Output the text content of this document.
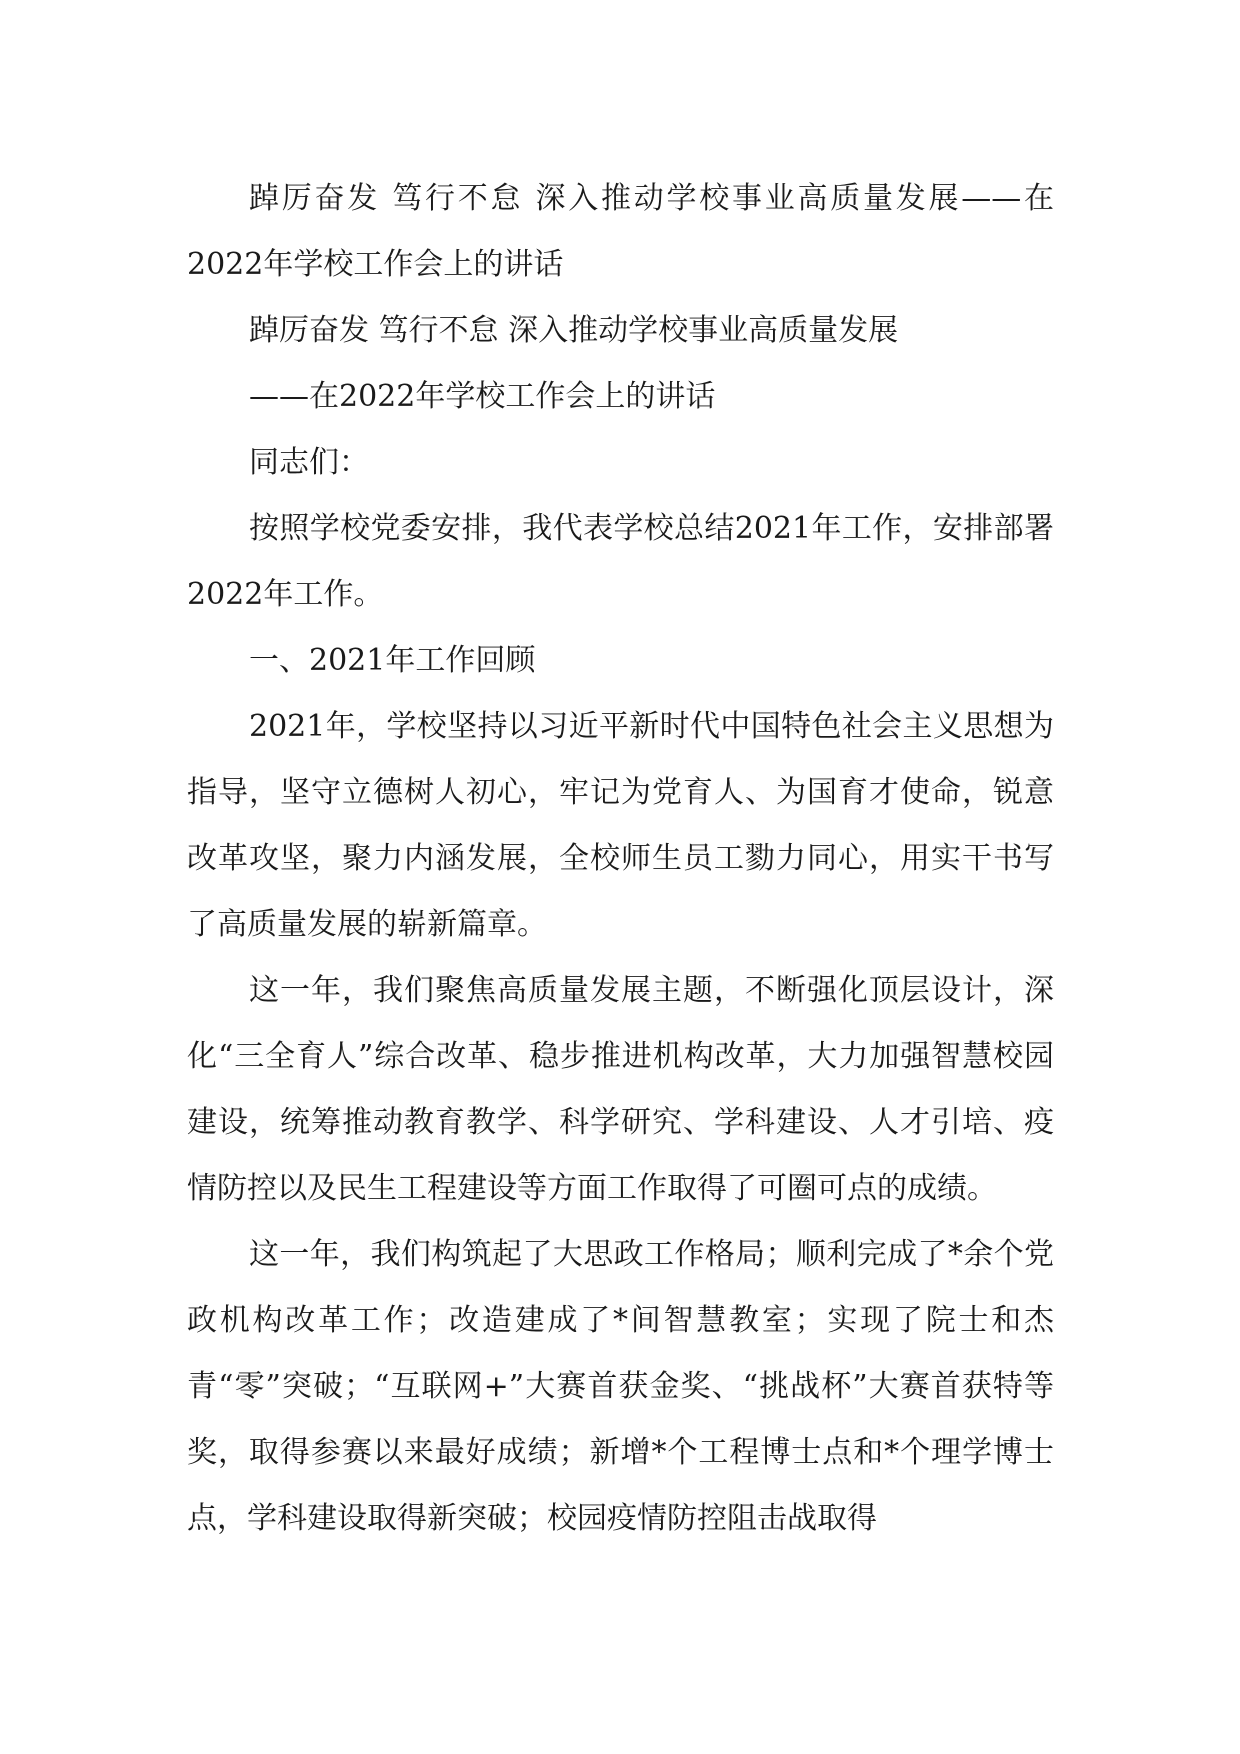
踔厉奋发 笃行不怠 深入推动学校事业高质量发展——在2022年学校工作会上的讲话

踔厉奋发 笃行不怠 深入推动学校事业高质量发展

——在2022年学校工作会上的讲话

同志们：

按照学校党委安排，我代表学校总结2021年工作，安排部署2022年工作。

一、2021年工作回顾

2021年，学校坚持以习近平新时代中国特色社会主义思想为指导，坚守立德树人初心，牢记为党育人、为国育才使命，锐意改革攻坚，聚力内涵发展，全校师生员工勠力同心，用实干书写了高质量发展的崭新篇章。

这一年，我们聚焦高质量发展主题，不断强化顶层设计，深化“三全育人”综合改革、稳步推进机构改革，大力加强智慧校园建设，统筹推动教育教学、科学研究、学科建设、人才引培、疫情防控以及民生工程建设等方面工作取得了可圈可点的成绩。

这一年，我们构筑起了大思政工作格局；顺利完成了*余个党政机构改革工作；改造建成了*间智慧教室；实现了院士和杰青“零”突破；“互联网+”大赛首获金奖、“挑战杯”大赛首获特等奖，取得参赛以来最好成绩；新增*个工程博士点和*个理学博士点，学科建设取得新突破；校园疫情防控阻击战取得
